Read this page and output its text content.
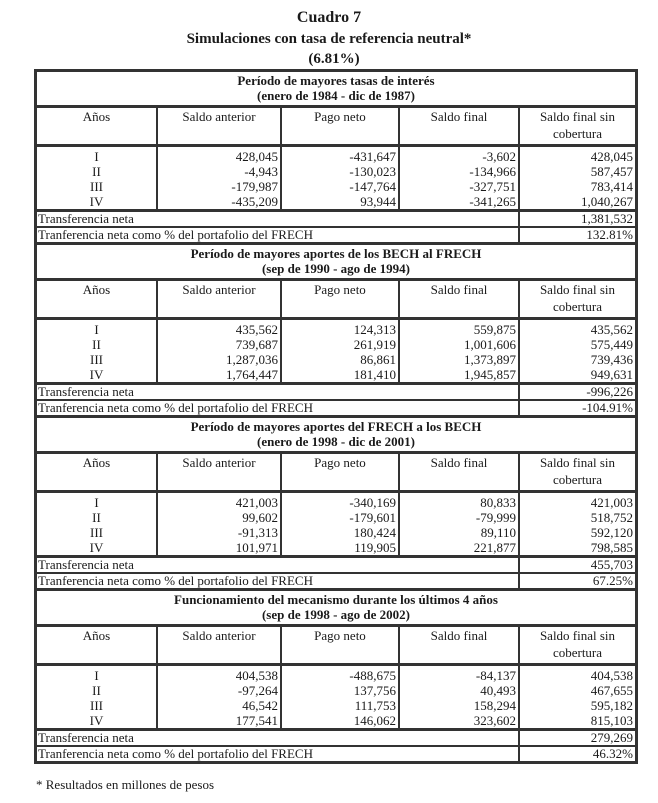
Cuadro 7
Simulaciones con tasa de referencia neutral*
(6.81%)
Período de mayores tasas de interés
(enero de 1984 - dic de 1987)				

Años	Saldo anterior	Pago neto	Saldo final	Saldo final sin cobertura
I	428,045	-431,647	-3,602	428,045
II	-4,943	-130,023	-134,966	587,457
III	-179,987	-147,764	-327,751	783,414
IV	-435,209	93,944	-341,265	1,040,267
Transferencia neta				1,381,532
Tranferencia neta como % del portafolio del FRECH				132.81%

Período de mayores aportes de los BECH al FRECH
(sep de 1990 - ago de 1994)				

Años	Saldo anterior	Pago neto	Saldo final	Saldo final sin cobertura
I	435,562	124,313	559,875	435,562
II	739,687	261,919	1,001,606	575,449
III	1,287,036	86,861	1,373,897	739,436
IV	1,764,447	181,410	1,945,857	949,631
Transferencia neta				-996,226
Tranferencia neta como % del portafolio del FRECH				-104.91%

Período de mayores aportes del FRECH a los BECH
(enero de 1998 - dic de 2001)				

Años	Saldo anterior	Pago neto	Saldo final	Saldo final sin cobertura
I	421,003	-340,169	80,833	421,003
II	99,602	-179,601	-79,999	518,752
III	-91,313	180,424	89,110	592,120
IV	101,971	119,905	221,877	798,585
Transferencia neta				455,703
Tranferencia neta como % del portafolio del FRECH				67.25%

Funcionamiento del mecanismo durante los últimos 4 años
(sep de 1998 - ago de 2002)				

Años	Saldo anterior	Pago neto	Saldo final	Saldo final sin cobertura
I	404,538	-488,675	-84,137	404,538
II	-97,264	137,756	40,493	467,655
III	46,542	111,753	158,294	595,182
IV	177,541	146,062	323,602	815,103
Transferencia neta				279,269
Tranferencia neta como % del portafolio del FRECH				46.32%
* Resultados en millones de pesos
